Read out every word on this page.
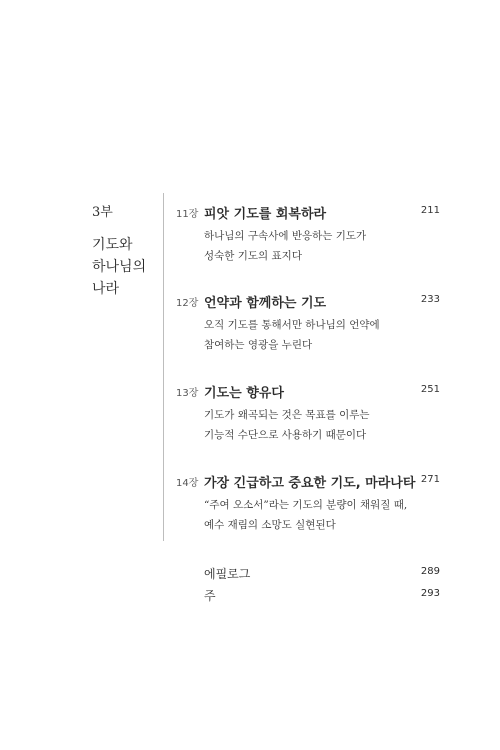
3부
기도와
하나님의
나라
11장 피앗 기도를 회복하라	211
하나님의 구속사에 반응하는 기도가
성숙한 기도의 표지다
12장 언약과 함께하는 기도	233
오직 기도를 통해서만 하나님의 언약에
참여하는 영광을 누린다
13장 기도는 향유다	251
기도가 왜곡되는 것은 목표를 이루는
기능적 수단으로 사용하기 때문이다
14장 가장 긴급하고 중요한 기도, 마라나타 271
“주여 오소서”라는 기도의 분량이 채워질 때,
예수 재림의 소망도 실현된다
에필로그	289
주	293
